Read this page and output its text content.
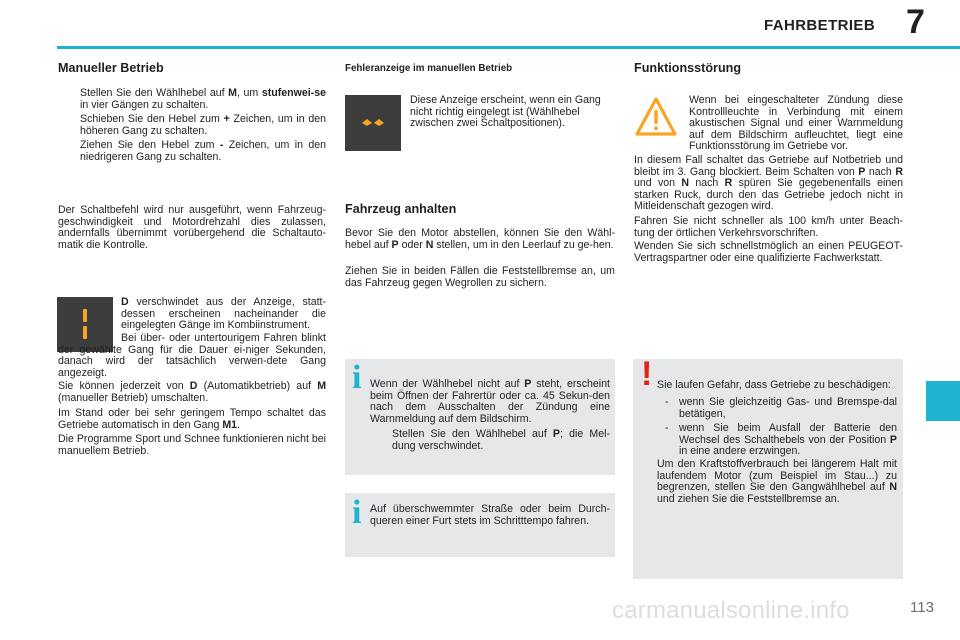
FAHRBETRIEB 7
Manueller Betrieb
Stellen Sie den Wählhebel auf M, um stufenwei-se in vier Gängen zu schalten.
Schieben Sie den Hebel zum + Zeichen, um in den höheren Gang zu schalten.
Ziehen Sie den Hebel zum - Zeichen, um in den niedrigeren Gang zu schalten.
Der Schaltbefehl wird nur ausgeführt, wenn Fahrzeug-geschwindigkeit und Motordrehzahl dies zulassen, andernfalls übernimmt vorübergehend die Schaltauto-matik die Kontrolle.
D verschwindet aus der Anzeige, statt-dessen erscheinen nacheinander die eingelegten Gänge im Kombiinstrument.
Bei über- oder untertourigem Fahren blinkt der gewählte Gang für die Dauer ei-niger Sekunden, danach wird der tatsächlich verwen-dete Gang angezeigt.
Sie können jederzeit von D (Automatikbetrieb) auf M (manueller Betrieb) umschalten.
Im Stand oder bei sehr geringem Tempo schaltet das Getriebe automatisch in den Gang M1.
Die Programme Sport und Schnee funktionieren nicht bei manuellem Betrieb.
Fehleranzeige im manuellen Betrieb
Diese Anzeige erscheint, wenn ein Gang nicht richtig eingelegt ist (Wählhebel zwischen zwei Schaltpositionen).
Fahrzeug anhalten
Bevor Sie den Motor abstellen, können Sie den Wähl-hebel auf P oder N stellen, um in den Leerlauf zu ge-hen.
Ziehen Sie in beiden Fällen die Feststellbremse an, um das Fahrzeug gegen Wegrollen zu sichern.
i Wenn der Wählhebel nicht auf P steht, erscheint beim Öffnen der Fahrertür oder ca. 45 Sekun-den nach dem Ausschalten der Zündung eine Warnmeldung auf dem Bildschirm.
Stellen Sie den Wählhebel auf P; die Mel-dung verschwindet.
i Auf überschwemmter Straße oder beim Durch-queren einer Furt stets im Schritttempo fahren.
Funktionsstörung
Wenn bei eingeschalteter Zündung diese Kontrollleuchte in Verbindung mit einem akustischen Signal und einer Warnmeldung auf dem Bildschirm aufleuchtet, liegt eine Funktionsstörung im Getriebe vor.
In diesem Fall schaltet das Getriebe auf Notbetrieb und bleibt im 3. Gang blockiert. Beim Schalten von P nach R und von N nach R spüren Sie gegebenenfalls einen starken Ruck, durch den das Getriebe jedoch nicht in Mitleidenschaft gezogen wird.
Fahren Sie nicht schneller als 100 km/h unter Beach-tung der örtlichen Verkehrsvorschriften.
Wenden Sie sich schnellstmöglich an einen PEUGEOT-Vertragspartner oder eine qualifizierte Fachwerkstatt.
! Sie laufen Gefahr, dass Getriebe zu beschädigen:
- wenn Sie gleichzeitig Gas- und Bremspe-dal betätigen,
- wenn Sie beim Ausfall der Batterie den Wechsel des Schalthebels von der Position P in eine andere erzwingen.
Um den Kraftstoffverbrauch bei längerem Halt mit laufendem Motor (zum Beispiel im Stau...) zu begrenzen, stellen Sie den Gangwählhebel auf N und ziehen Sie die Feststellbremse an.
carmanualsonline.info	113
